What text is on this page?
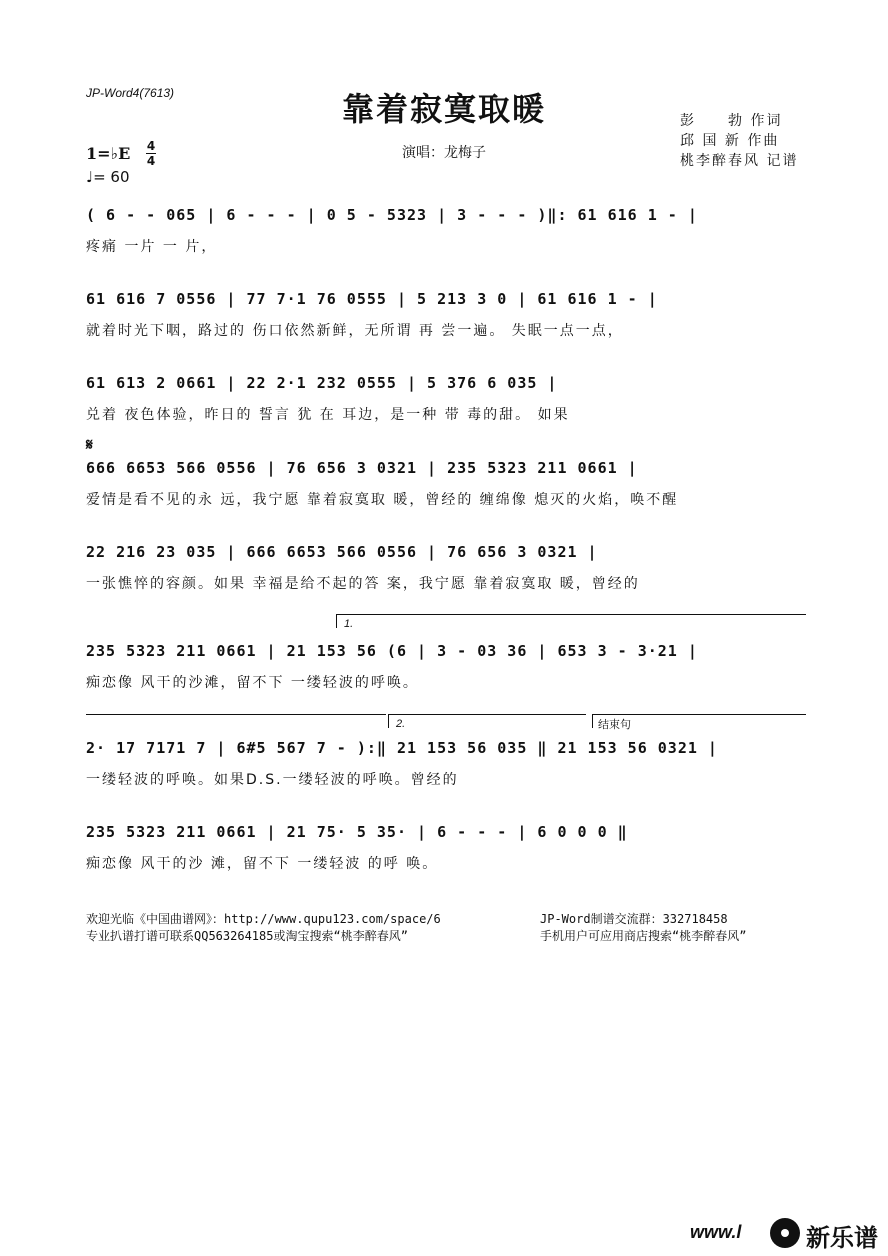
JP-Word4(7613)	靠着寂寞取暖
演唱：龙梅子
彭　　勃 作词
邱 国 新 作曲
桃李醉春风 记谱
1=♭E 4
4
♩= 60
( 6 - - 065 | 6 - - - | 0 5 - 5323 | 3 - - - )‖: 61 616 1 - |
疼痛 一片 一 片，
61 616 7 0556 | 77 7·1 76 0555 | 5 213 3 0 | 61 616 1 - |
就着时光下咽，路过的 伤口依然新鲜，无所谓 再 尝一遍。 失眠一点一点，
61 613 2 0661 | 22 2·1 232 0555 | 5 376 6 035 |
兑着 夜色体验，昨日的 誓言 犹 在 耳边，是一种 带 毒的甜。 如果
𝄋
666 6653 566 0556 | 76 656 3 0321 | 235 5323 211 0661 |
爱情是看不见的永 远，我宁愿 靠着寂寞取 暖，曾经的 缠绵像 熄灭的火焰，唤不醒
22 216 23 035 | 666 6653 566 0556 | 76 656 3 0321 |
一张憔悴的容颜。如果 幸福是给不起的答 案，我宁愿 靠着寂寞取 暖，曾经的
1.
235 5323 211 0661 | 21 153 56 (6 | 3 - 03 36 | 653 3 - 3·21 |
痴恋像 风干的沙滩，留不下 一缕轻波的呼唤。
2.	结束句
2· 17 7171 7 | 6#5 567 7 - ):‖ 21 153 56 035 ‖ 21 153 56 0321 |
一缕轻波的呼唤。如果D.S.一缕轻波的呼唤。曾经的
235 5323 211 0661 | 21 75· 5 35· | 6 - - - | 6 0 0 0 ‖
痴恋像 风干的沙 滩，留不下 一缕轻波 的呼 唤。
欢迎光临《中国曲谱网》：http://www.qupu123.com/space/6
专业扒谱打谱可联系QQ563264185或淘宝搜索“桃李醉春风”
JP-Word制谱交流群：332718458
手机用户可应用商店搜索“桃李醉春风”
www.l	新乐谱
